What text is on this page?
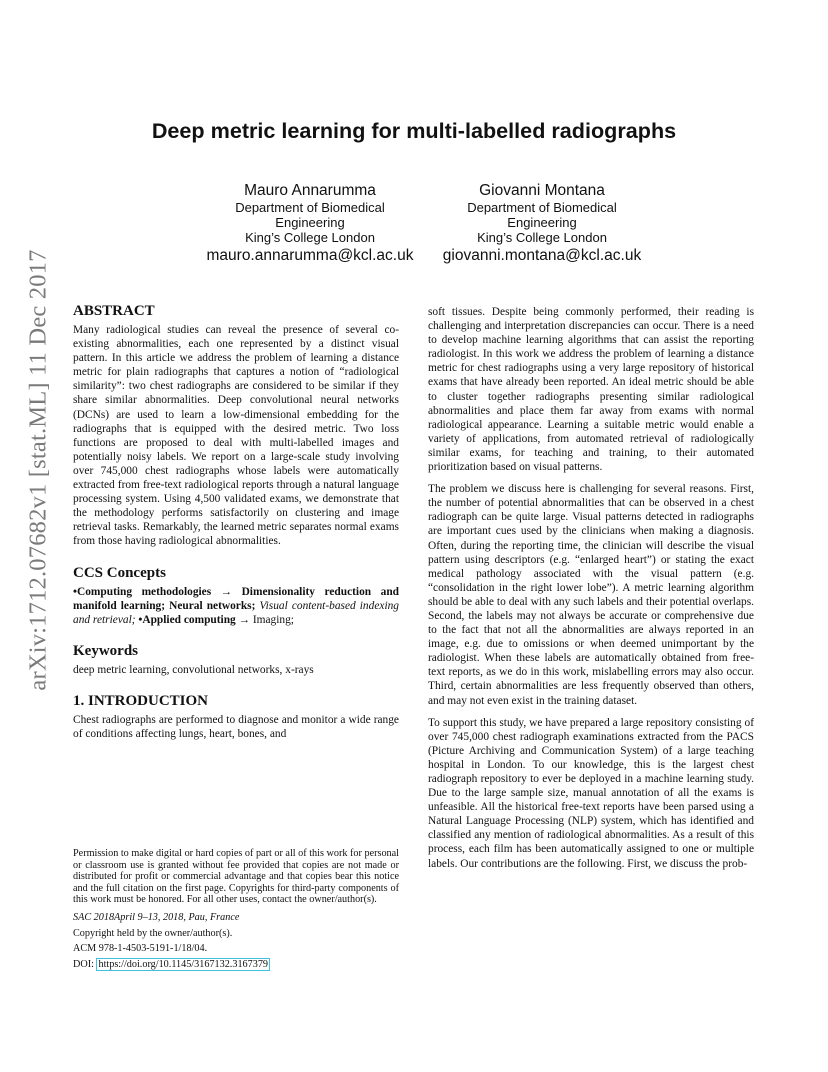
arXiv:1712.07682v1 [stat.ML] 11 Dec 2017
Deep metric learning for multi-labelled radiographs
Mauro Annarumma
Department of Biomedical
Engineering
King’s College London
mauro.annarumma@kcl.ac.uk
Giovanni Montana
Department of Biomedical
Engineering
King’s College London
giovanni.montana@kcl.ac.uk
ABSTRACT

Many radiological studies can reveal the presence of several co-existing abnormalities, each one represented by a distinct visual pattern. In this article we address the problem of learning a distance metric for plain radiographs that captures a notion of “radiological similarity”: two chest radiographs are considered to be similar if they share similar abnormalities. Deep convolutional neural networks (DCNs) are used to learn a low-dimensional embedding for the radiographs that is equipped with the desired metric. Two loss functions are proposed to deal with multi-labelled images and potentially noisy labels. We report on a large-scale study involving over 745,000 chest radiographs whose labels were automatically extracted from free-text radiological reports through a natural language processing system. Using 4,500 validated exams, we demonstrate that the methodology performs satisfactorily on clustering and image retrieval tasks. Remarkably, the learned metric separates normal exams from those having radiological abnormalities.

CCS Concepts

•Computing methodologies → Dimensionality reduction and manifold learning; Neural networks; Visual content-based indexing and retrieval; •Applied computing → Imaging;

Keywords

deep metric learning, convolutional networks, x-rays

1. INTRODUCTION

Chest radiographs are performed to diagnose and monitor a wide range of conditions affecting lungs, heart, bones, and

Permission to make digital or hard copies of part or all of this work for personal or classroom use is granted without fee provided that copies are not made or distributed for profit or commercial advantage and that copies bear this notice and the full citation on the first page. Copyrights for third-party components of this work must be honored. For all other uses, contact the owner/author(s).

SAC 2018April 9–13, 2018, Pau, France
Copyright held by the owner/author(s).
ACM 978-1-4503-5191-1/18/04.
DOI: https://doi.org/10.1145/3167132.3167379

soft tissues. Despite being commonly performed, their reading is challenging and interpretation discrepancies can occur. There is a need to develop machine learning algorithms that can assist the reporting radiologist. In this work we address the problem of learning a distance metric for chest radiographs using a very large repository of historical exams that have already been reported. An ideal metric should be able to cluster together radiographs presenting similar radiological abnormalities and place them far away from exams with normal radiological appearance. Learning a suitable metric would enable a variety of applications, from automated retrieval of radiologically similar exams, for teaching and training, to their automated prioritization based on visual patterns.

The problem we discuss here is challenging for several reasons. First, the number of potential abnormalities that can be observed in a chest radiograph can be quite large. Visual patterns detected in radiographs are important cues used by the clinicians when making a diagnosis. Often, during the reporting time, the clinician will describe the visual pattern using descriptors (e.g. “enlarged heart”) or stating the exact medical pathology associated with the visual pattern (e.g. “consolidation in the right lower lobe”). A metric learning algorithm should be able to deal with any such labels and their potential overlaps. Second, the labels may not always be accurate or comprehensive due to the fact that not all the abnormalities are always reported in an image, e.g. due to omissions or when deemed unimportant by the radiologist. When these labels are automatically obtained from free-text reports, as we do in this work, mislabelling errors may also occur. Third, certain abnormalities are less frequently observed than others, and may not even exist in the training dataset.

To support this study, we have prepared a large repository consisting of over 745,000 chest radiograph examinations extracted from the PACS (Picture Archiving and Communication System) of a large teaching hospital in London. To our knowledge, this is the largest chest radiograph repository to ever be deployed in a machine learning study. Due to the large sample size, manual annotation of all the exams is unfeasible. All the historical free-text reports have been parsed using a Natural Language Processing (NLP) system, which has identified and classified any mention of radiological abnormalities. As a result of this process, each film has been automatically assigned to one or multiple labels. Our contributions are the following. First, we discuss the prob-
